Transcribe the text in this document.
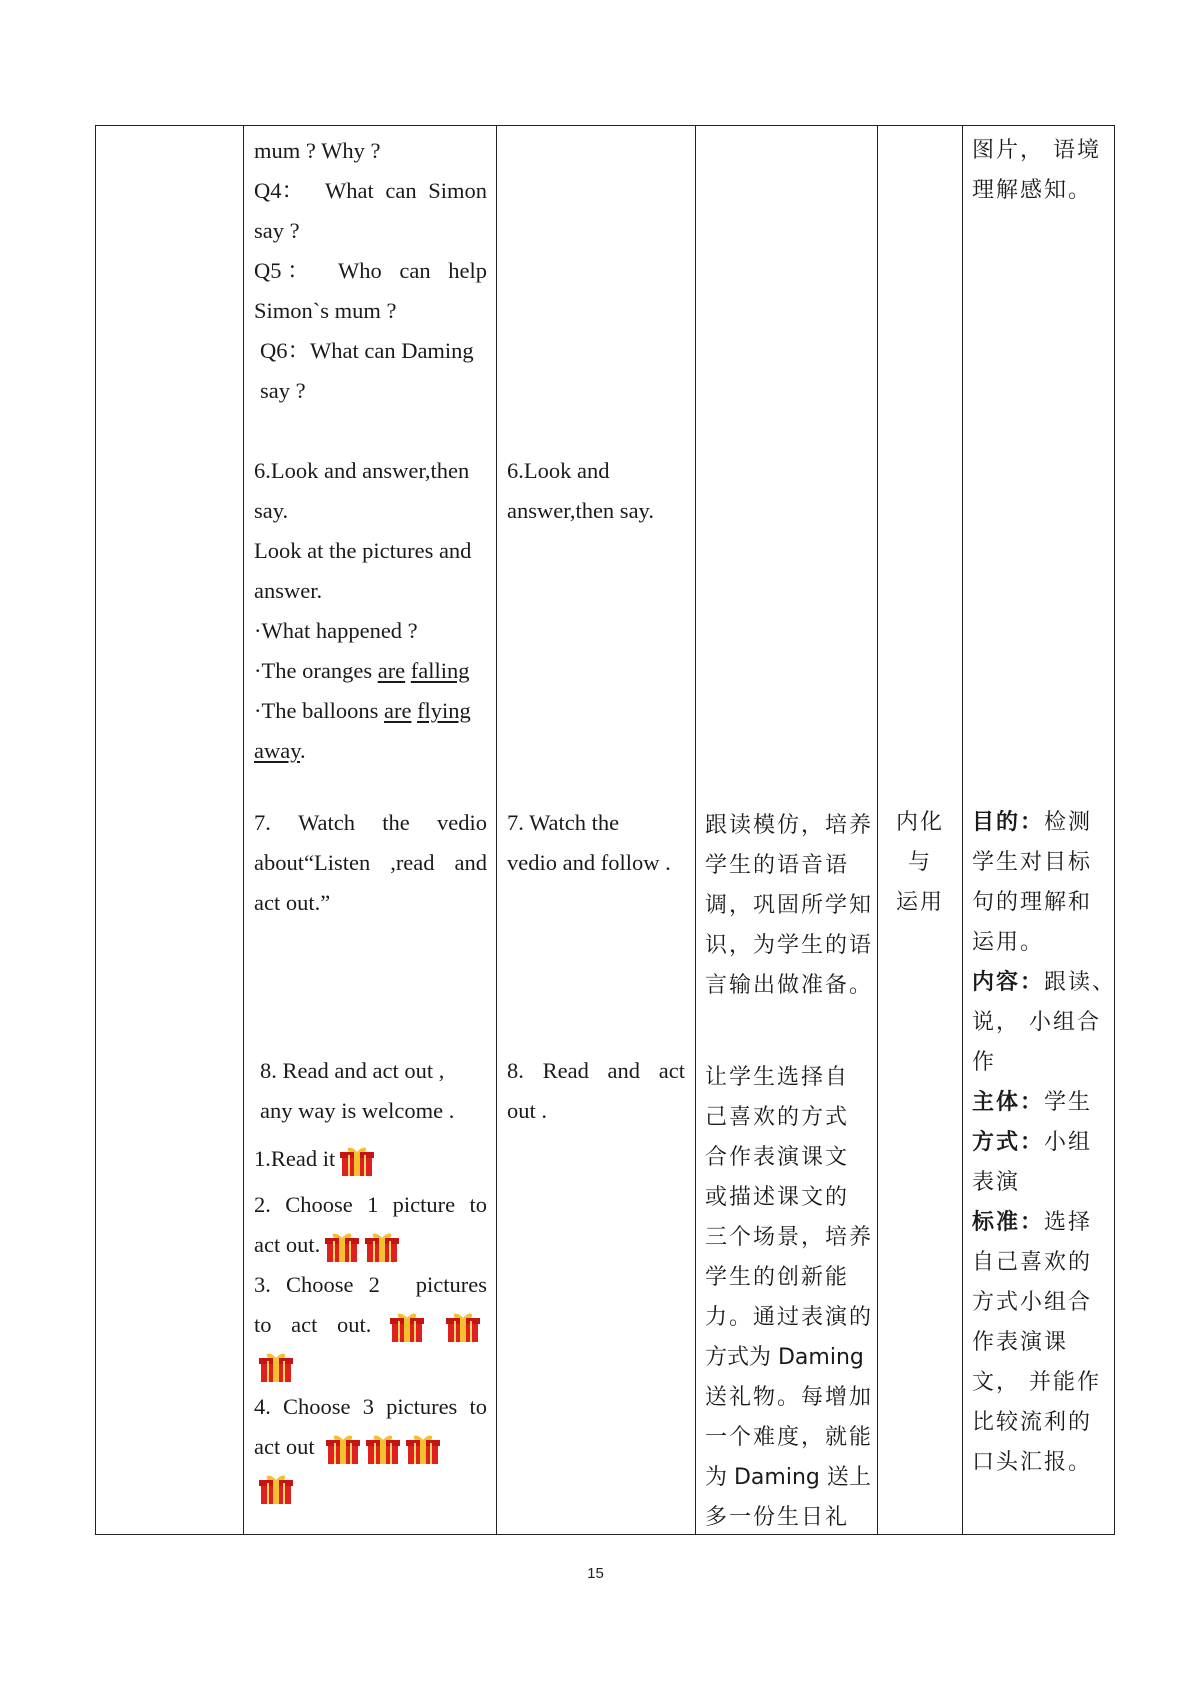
mum ? Why ?
Q4： What can Simon
say ?
Q5 ： Who can help
Simon`s mum ?
Q6：What can Daming
say ?
6.Look and answer,then
say.
Look at the pictures and
answer.
·What happened ?
·The oranges are falling
·The balloons are flying
away.
7. Watch the vedio
about“Listen ,read and
act out.”
8. Read and act out ,
any way is welcome .
1.Read it
2. Choose 1 picture to
act out.
3. Choose 2
pictures
to act out.
4. Choose 3 pictures to
act out
6.Look and
answer,then say.
7. Watch the
vedio and follow .
8. Read and act
out .
跟读模仿，培养
学生的语音语
调，巩固所学知
识，为学生的语
言输出做准备。
让学生选择自
己喜欢的方式
合作表演课文
或描述课文的
三个场景，培养
学生的创新能
力。通过表演的
方式为 Daming
送礼物。每增加
一个难度，就能
为 Daming 送上
多一份生日礼
内化
与
运用
图片， 语境
理解感知。
目的：检测
学生对目标
句的理解和
运用。
内容：跟读、
说， 小组合
作
主体：学生
方式：小组
表演
标准：选择
自己喜欢的
方式小组合
作表演课
文， 并能作
比较流利的
口头汇报。
15
